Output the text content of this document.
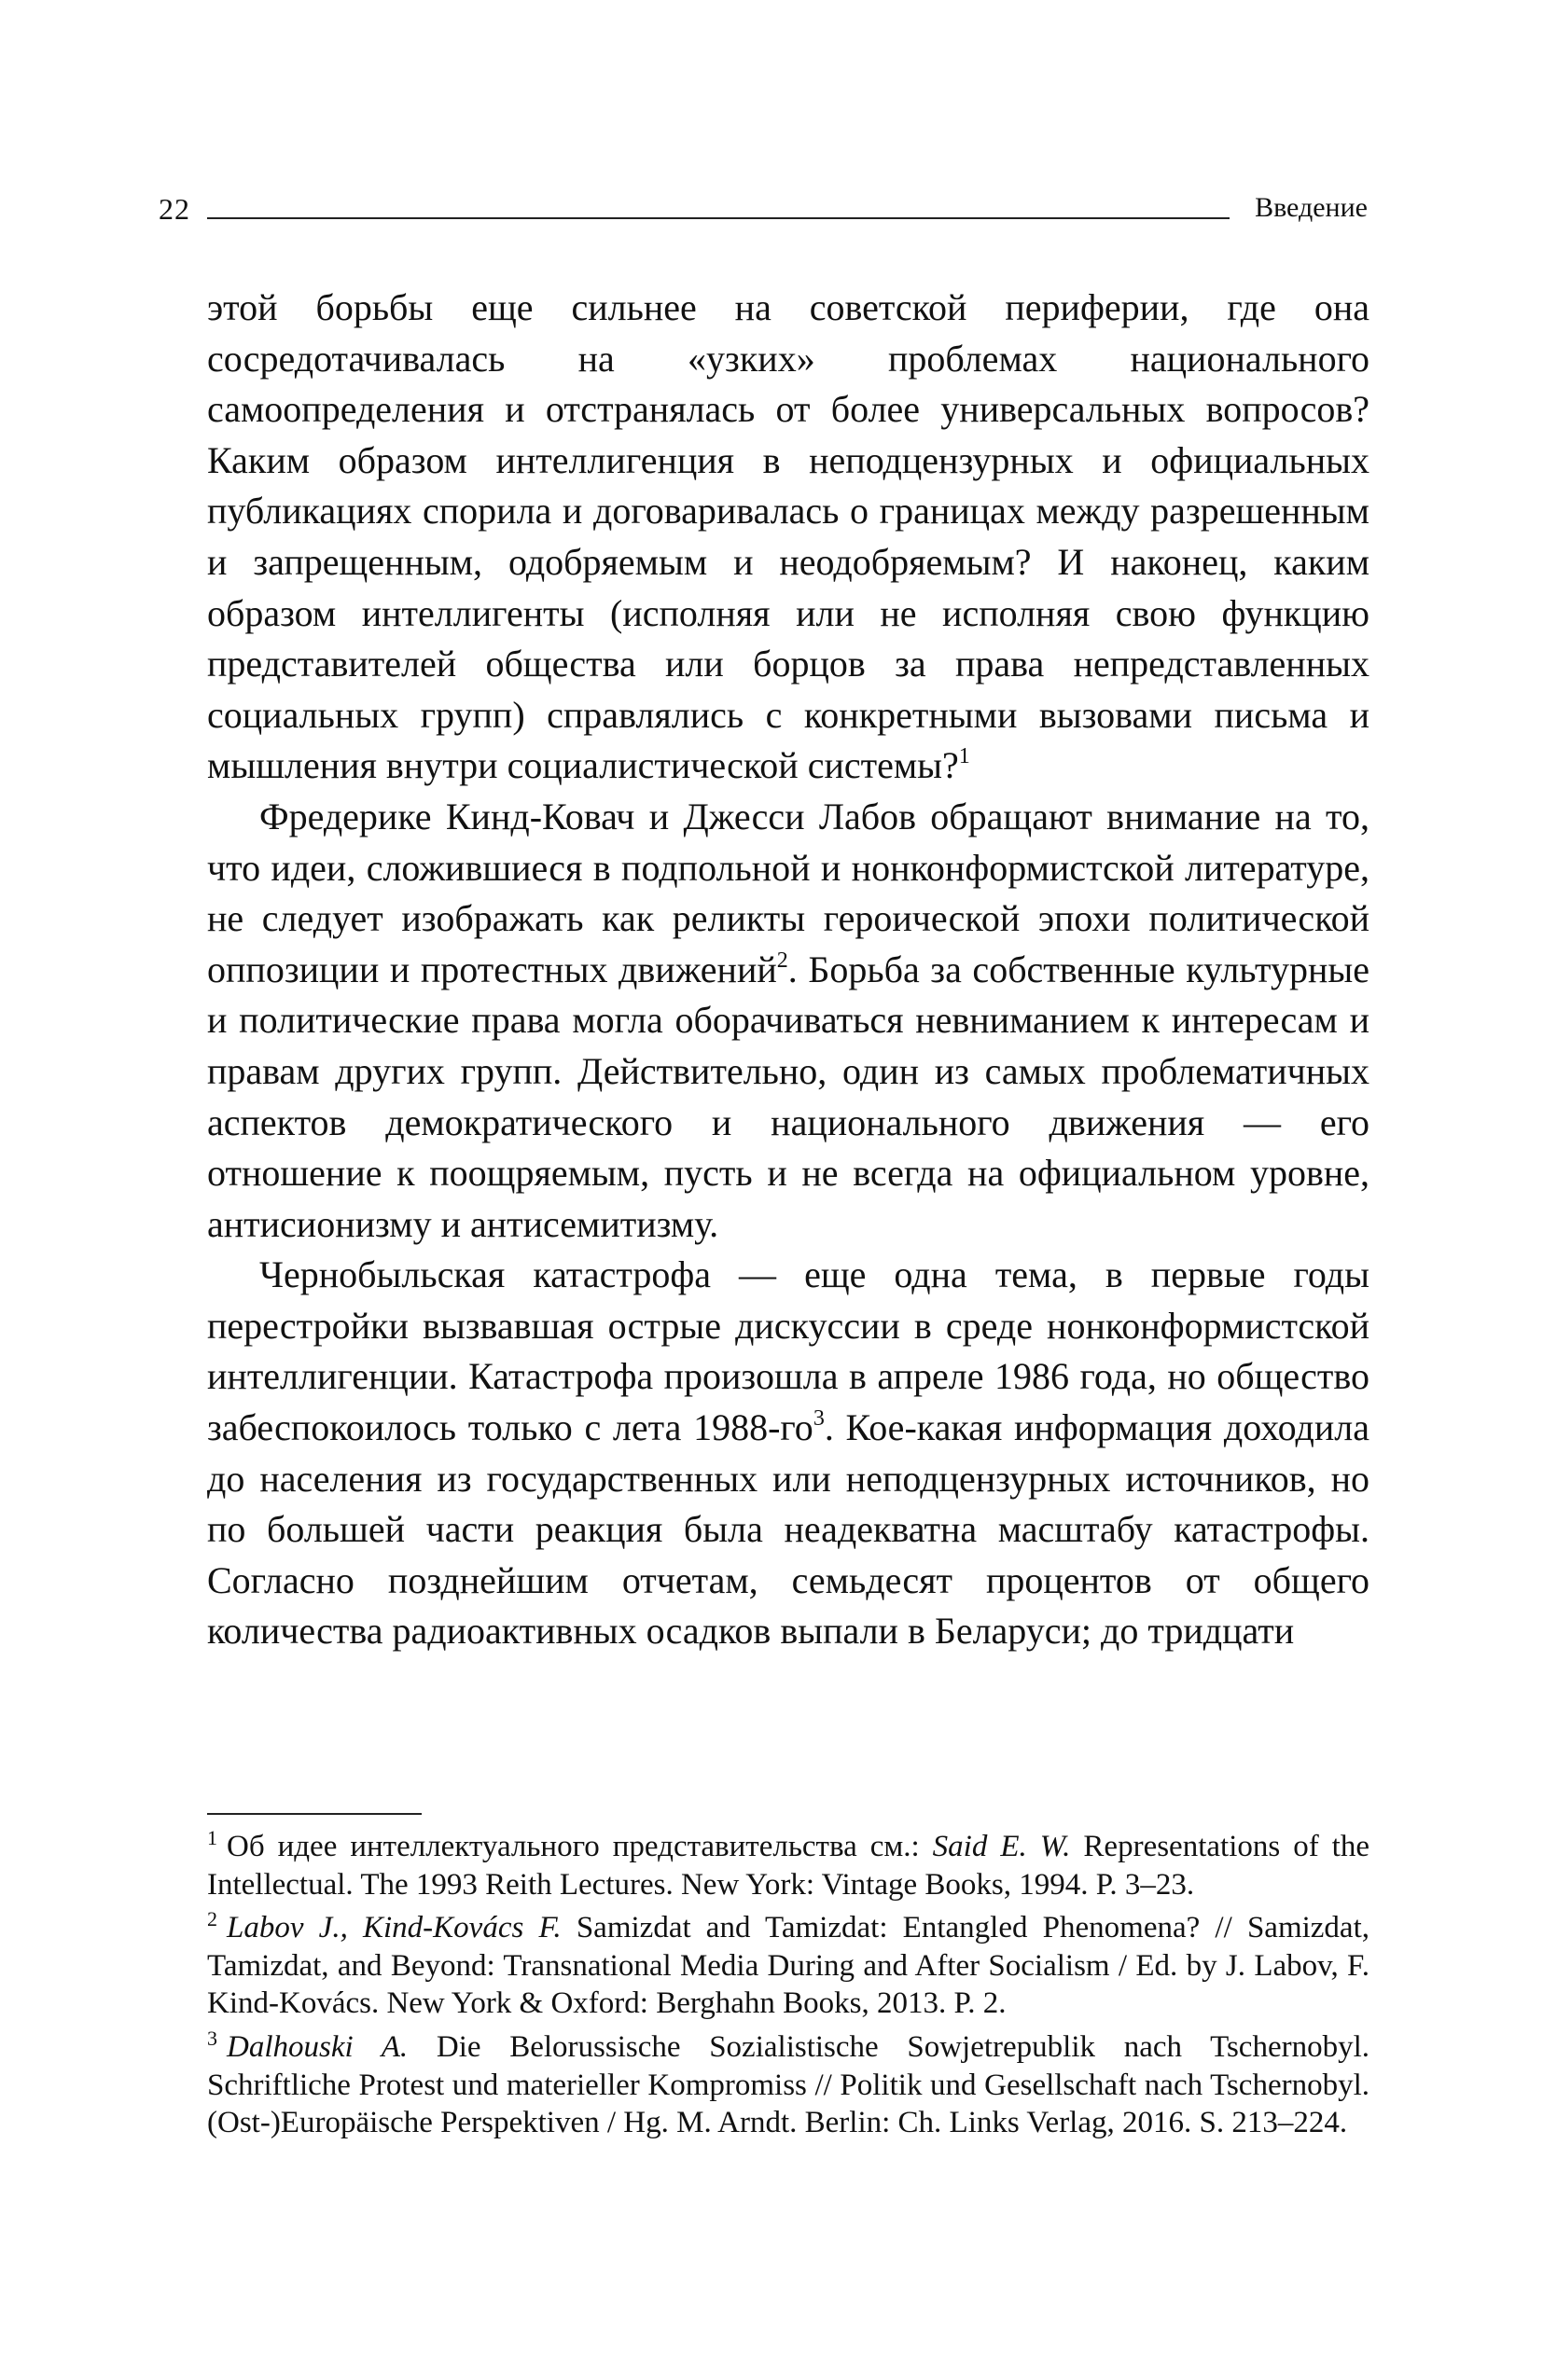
22	Введение

этой борьбы еще сильнее на советской периферии, где она сосредотачивалась на «узких» проблемах национального самоопределения и отстранялась от более универсальных вопросов? Каким образом интеллигенция в неподцензурных и официальных публикациях спорила и договаривалась о границах между разрешенным и запрещенным, одобряемым и неодобряемым? И наконец, каким образом интеллигенты (исполняя или не исполняя свою функцию представителей общества или борцов за права непредставленных социальных групп) справлялись с конкретными вызовами письма и мышления внутри социалистической системы?$^1$

Фредерике Кинд-Ковач и Джесси Лабов обращают внимание на то, что идеи, сложившиеся в подпольной и нонконформистской литературе, не следует изображать как реликты героической эпохи политической оппозиции и протестных движений$^2$. Борьба за собственные культурные и политические права могла оборачиваться невниманием к интересам и правам других групп. Действительно, один из самых проблематичных аспектов демократического и национального движения — его отношение к поощряемым, пусть и не всегда на официальном уровне, антисионизму и антисемитизму.

Чернобыльская катастрофа — еще одна тема, в первые годы перестройки вызвавшая острые дискуссии в среде нонконформистской интеллигенции. Катастрофа произошла в апреле 1986 года, но общество забеспокоилось только с лета $1988-го^3$. Кое-какая информация доходила до населения из государственных или неподцензурных источников, но по большей части реакция была неадекватна масштабу катастрофы. Согласно позднейшим отчетам, семьдесят процентов от общего количества радиоактивных осадков выпали в Беларуси; до тридцати

$^1$ Об идее интеллектуального представительства см.: Said E. W. Representations of the Intellectual. The 1993 Reith Lectures. New York: Vintage Books, 1994. P. 3–23.

$^2$ Labov J., Kind-Kovács F. Samizdat and Tamizdat: Entangled Phenomena? // Samizdat, Tamizdat, and Beyond: Transnational Media During and After Socialism / Ed. by J. Labov, F. Kind-Kovács. New York & Oxford: Berghahn Books, 2013. P. 2.

$^3$ Dalhouski A. Die Belorussische Sozialistische Sowjetrepublik nach Tschernobyl. Schriftliche Protest und materieller Kompromiss // Politik und Gesellschaft nach Tschernobyl. (Ost-)Europäische Perspektiven / Hg. M. Arndt. Berlin: Ch. Links Verlag, 2016. S. 213–224.
